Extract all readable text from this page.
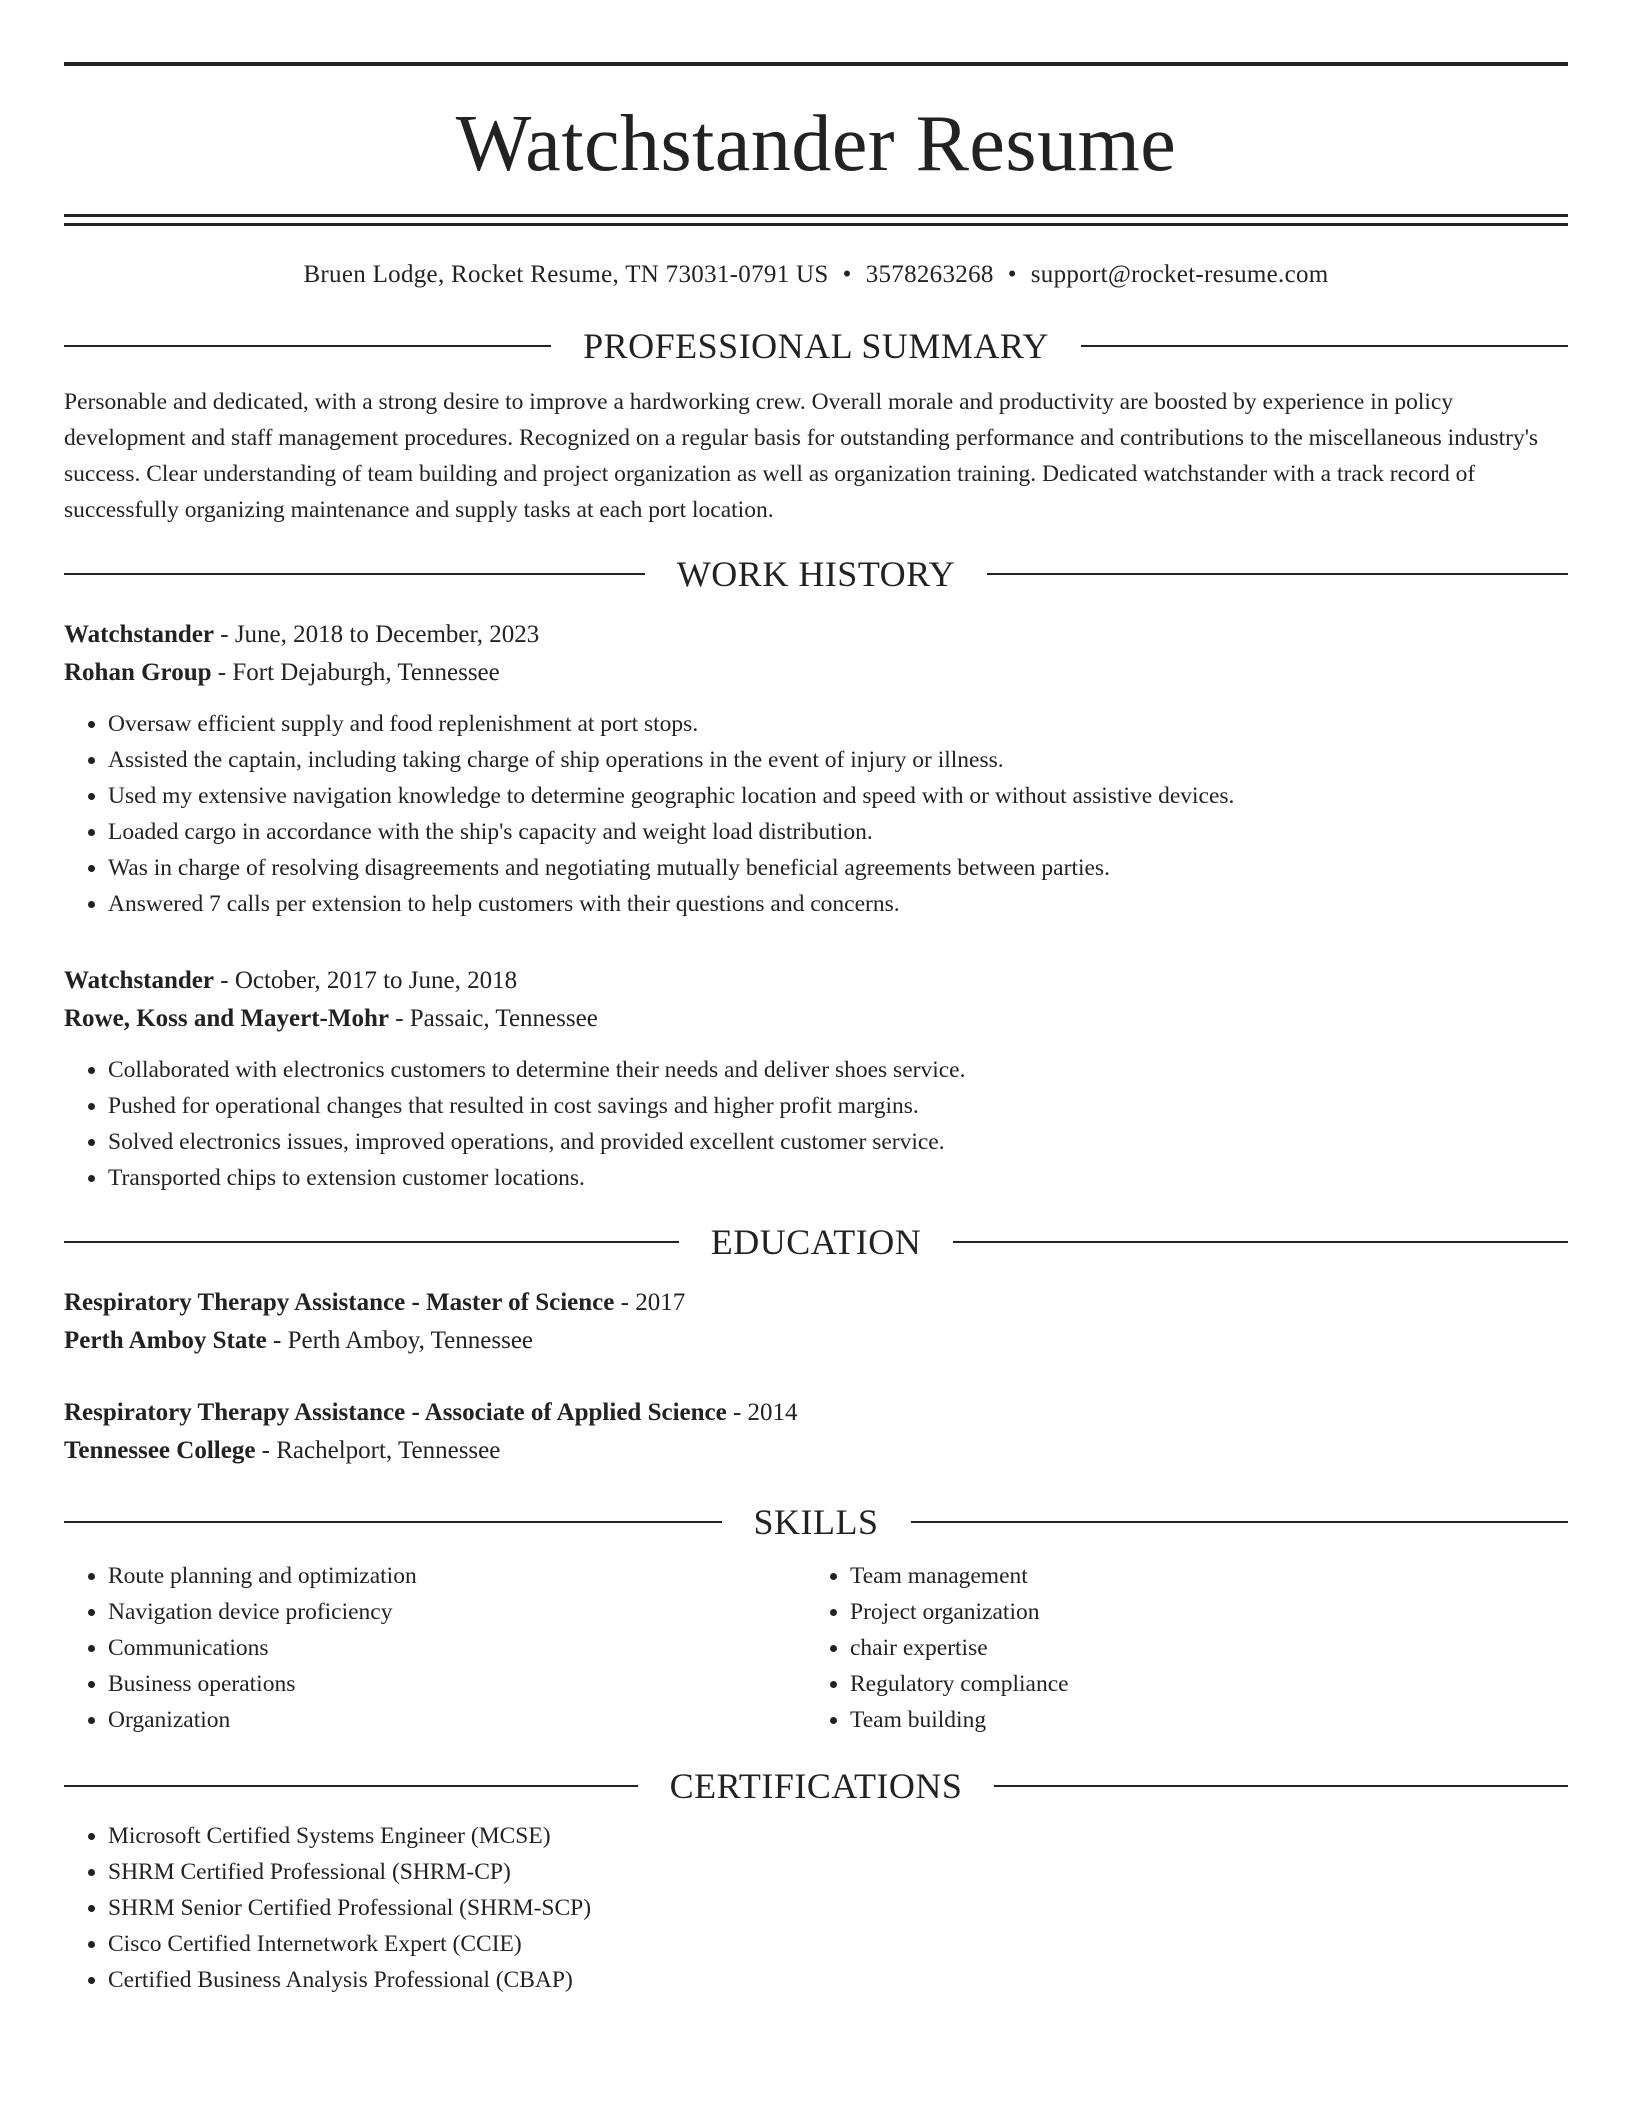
Watchstander Resume
Bruen Lodge, Rocket Resume, TN 73031-0791 US • 3578263268 • support@rocket-resume.com
PROFESSIONAL SUMMARY

Personable and dedicated, with a strong desire to improve a hardworking crew. Overall morale and productivity are boosted by experience in policy development and staff management procedures. Recognized on a regular basis for outstanding performance and contributions to the miscellaneous industry's success. Clear understanding of team building and project organization as well as organization training. Dedicated watchstander with a track record of successfully organizing maintenance and supply tasks at each port location.

WORK HISTORY
Watchstander - June, 2018 to December, 2023
Rohan Group - Fort Dejaburgh, Tennessee
• Oversaw efficient supply and food replenishment at port stops.
• Assisted the captain, including taking charge of ship operations in the event of injury or illness.
• Used my extensive navigation knowledge to determine geographic location and speed with or without assistive devices.
• Loaded cargo in accordance with the ship's capacity and weight load distribution.
• Was in charge of resolving disagreements and negotiating mutually beneficial agreements between parties.
• Answered 7 calls per extension to help customers with their questions and concerns.
Watchstander - October, 2017 to June, 2018
Rowe, Koss and Mayert-Mohr - Passaic, Tennessee
• Collaborated with electronics customers to determine their needs and deliver shoes service.
• Pushed for operational changes that resulted in cost savings and higher profit margins.
• Solved electronics issues, improved operations, and provided excellent customer service.
• Transported chips to extension customer locations.
EDUCATION
Respiratory Therapy Assistance - Master of Science - 2017
Perth Amboy State - Perth Amboy, Tennessee
Respiratory Therapy Assistance - Associate of Applied Science - 2014
Tennessee College - Rachelport, Tennessee
SKILLS
• Route planning and optimization
• Navigation device proficiency
• Communications
• Business operations
• Organization
• Team management
• Project organization
• chair expertise
• Regulatory compliance
• Team building
CERTIFICATIONS
• Microsoft Certified Systems Engineer (MCSE)
• SHRM Certified Professional (SHRM-CP)
• SHRM Senior Certified Professional (SHRM-SCP)
• Cisco Certified Internetwork Expert (CCIE)
• Certified Business Analysis Professional (CBAP)
